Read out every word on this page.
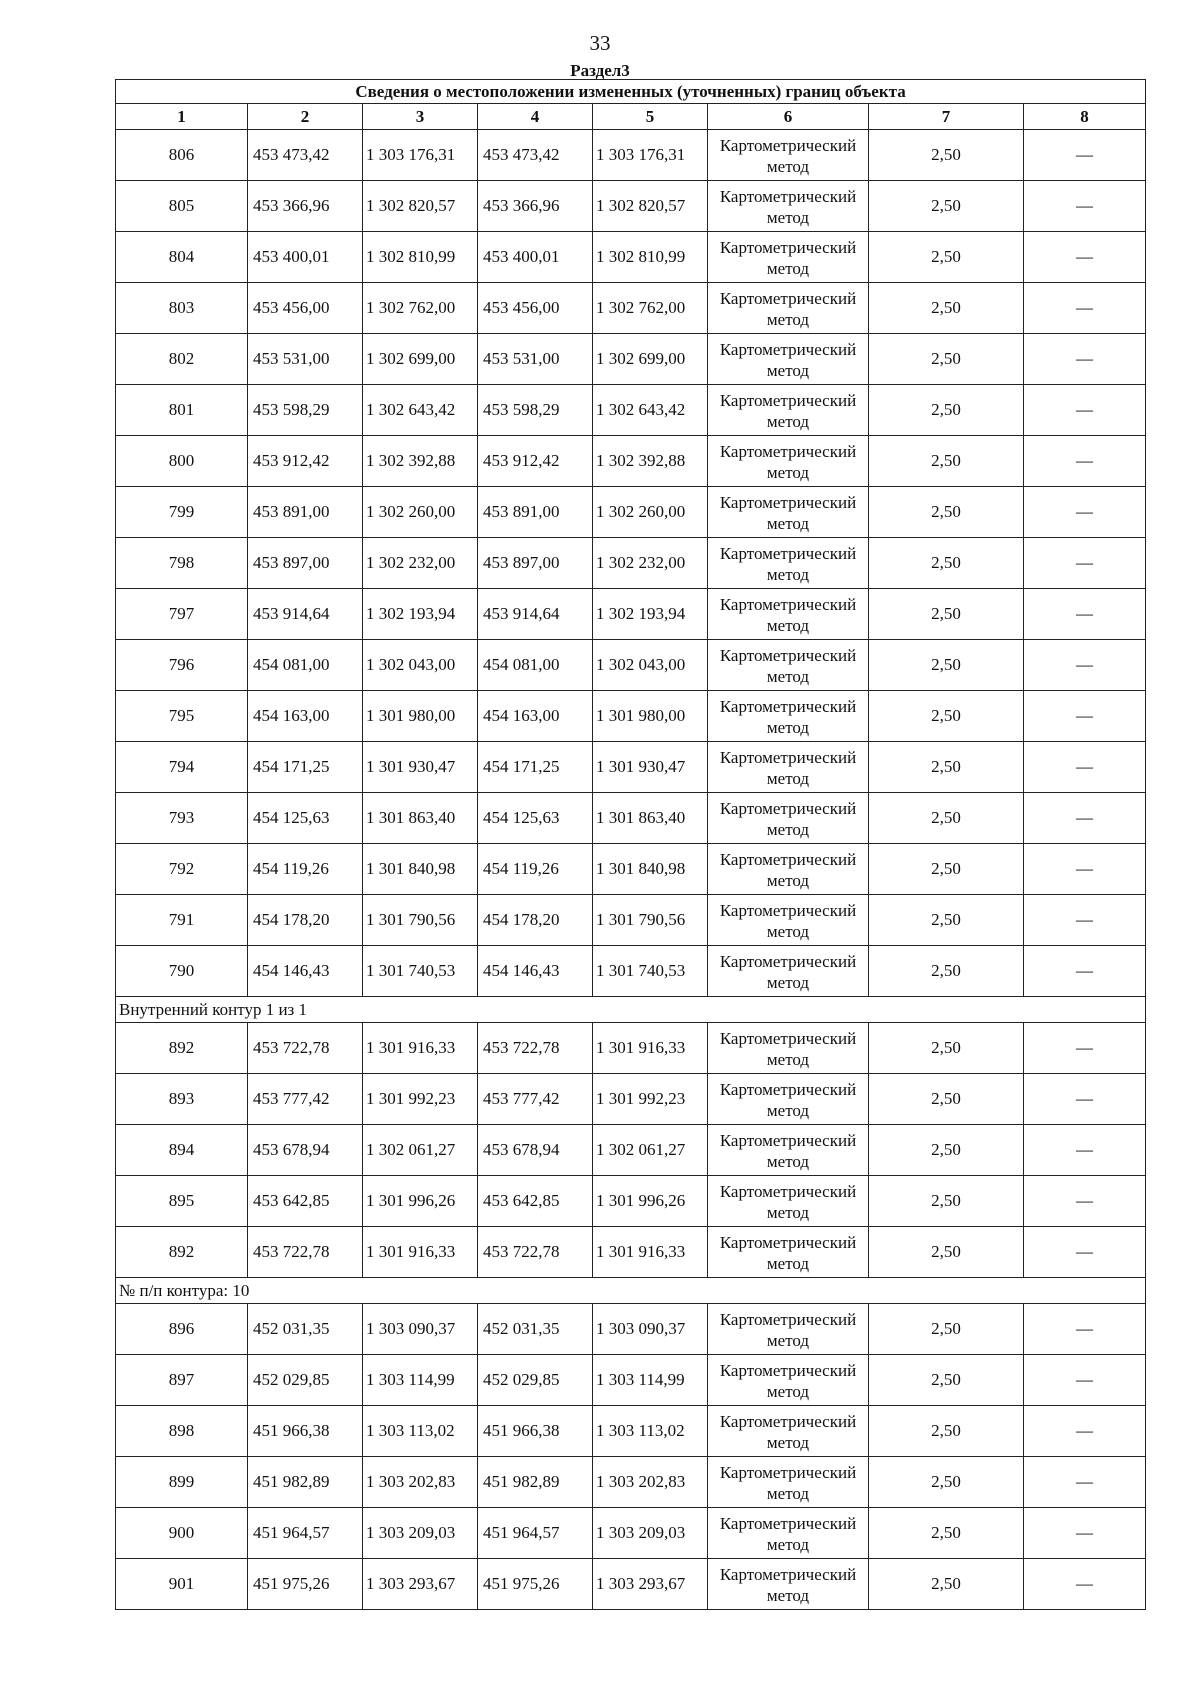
33
Раздел3
Сведения о местоположении измененных (уточненных) границ объекта							
1	2	3	4	5	6	7	8
806	453 473,42	1 303 176,31	453 473,42	1 303 176,31	Картометрический метод	2,50	—
805	453 366,96	1 302 820,57	453 366,96	1 302 820,57	Картометрический метод	2,50	—
804	453 400,01	1 302 810,99	453 400,01	1 302 810,99	Картометрический метод	2,50	—
803	453 456,00	1 302 762,00	453 456,00	1 302 762,00	Картометрический метод	2,50	—
802	453 531,00	1 302 699,00	453 531,00	1 302 699,00	Картометрический метод	2,50	—
801	453 598,29	1 302 643,42	453 598,29	1 302 643,42	Картометрический метод	2,50	—
800	453 912,42	1 302 392,88	453 912,42	1 302 392,88	Картометрический метод	2,50	—
799	453 891,00	1 302 260,00	453 891,00	1 302 260,00	Картометрический метод	2,50	—
798	453 897,00	1 302 232,00	453 897,00	1 302 232,00	Картометрический метод	2,50	—
797	453 914,64	1 302 193,94	453 914,64	1 302 193,94	Картометрический метод	2,50	—
796	454 081,00	1 302 043,00	454 081,00	1 302 043,00	Картометрический метод	2,50	—
795	454 163,00	1 301 980,00	454 163,00	1 301 980,00	Картометрический метод	2,50	—
794	454 171,25	1 301 930,47	454 171,25	1 301 930,47	Картометрический метод	2,50	—
793	454 125,63	1 301 863,40	454 125,63	1 301 863,40	Картометрический метод	2,50	—
792	454 119,26	1 301 840,98	454 119,26	1 301 840,98	Картометрический метод	2,50	—
791	454 178,20	1 301 790,56	454 178,20	1 301 790,56	Картометрический метод	2,50	—
790	454 146,43	1 301 740,53	454 146,43	1 301 740,53	Картометрический метод	2,50	—
Внутренний контур 1 из 1							
892	453 722,78	1 301 916,33	453 722,78	1 301 916,33	Картометрический метод	2,50	—
893	453 777,42	1 301 992,23	453 777,42	1 301 992,23	Картометрический метод	2,50	—
894	453 678,94	1 302 061,27	453 678,94	1 302 061,27	Картометрический метод	2,50	—
895	453 642,85	1 301 996,26	453 642,85	1 301 996,26	Картометрический метод	2,50	—
892	453 722,78	1 301 916,33	453 722,78	1 301 916,33	Картометрический метод	2,50	—
№ п/п контура: 10							
896	452 031,35	1 303 090,37	452 031,35	1 303 090,37	Картометрический метод	2,50	—
897	452 029,85	1 303 114,99	452 029,85	1 303 114,99	Картометрический метод	2,50	—
898	451 966,38	1 303 113,02	451 966,38	1 303 113,02	Картометрический метод	2,50	—
899	451 982,89	1 303 202,83	451 982,89	1 303 202,83	Картометрический метод	2,50	—
900	451 964,57	1 303 209,03	451 964,57	1 303 209,03	Картометрический метод	2,50	—
901	451 975,26	1 303 293,67	451 975,26	1 303 293,67	Картометрический метод	2,50	—
